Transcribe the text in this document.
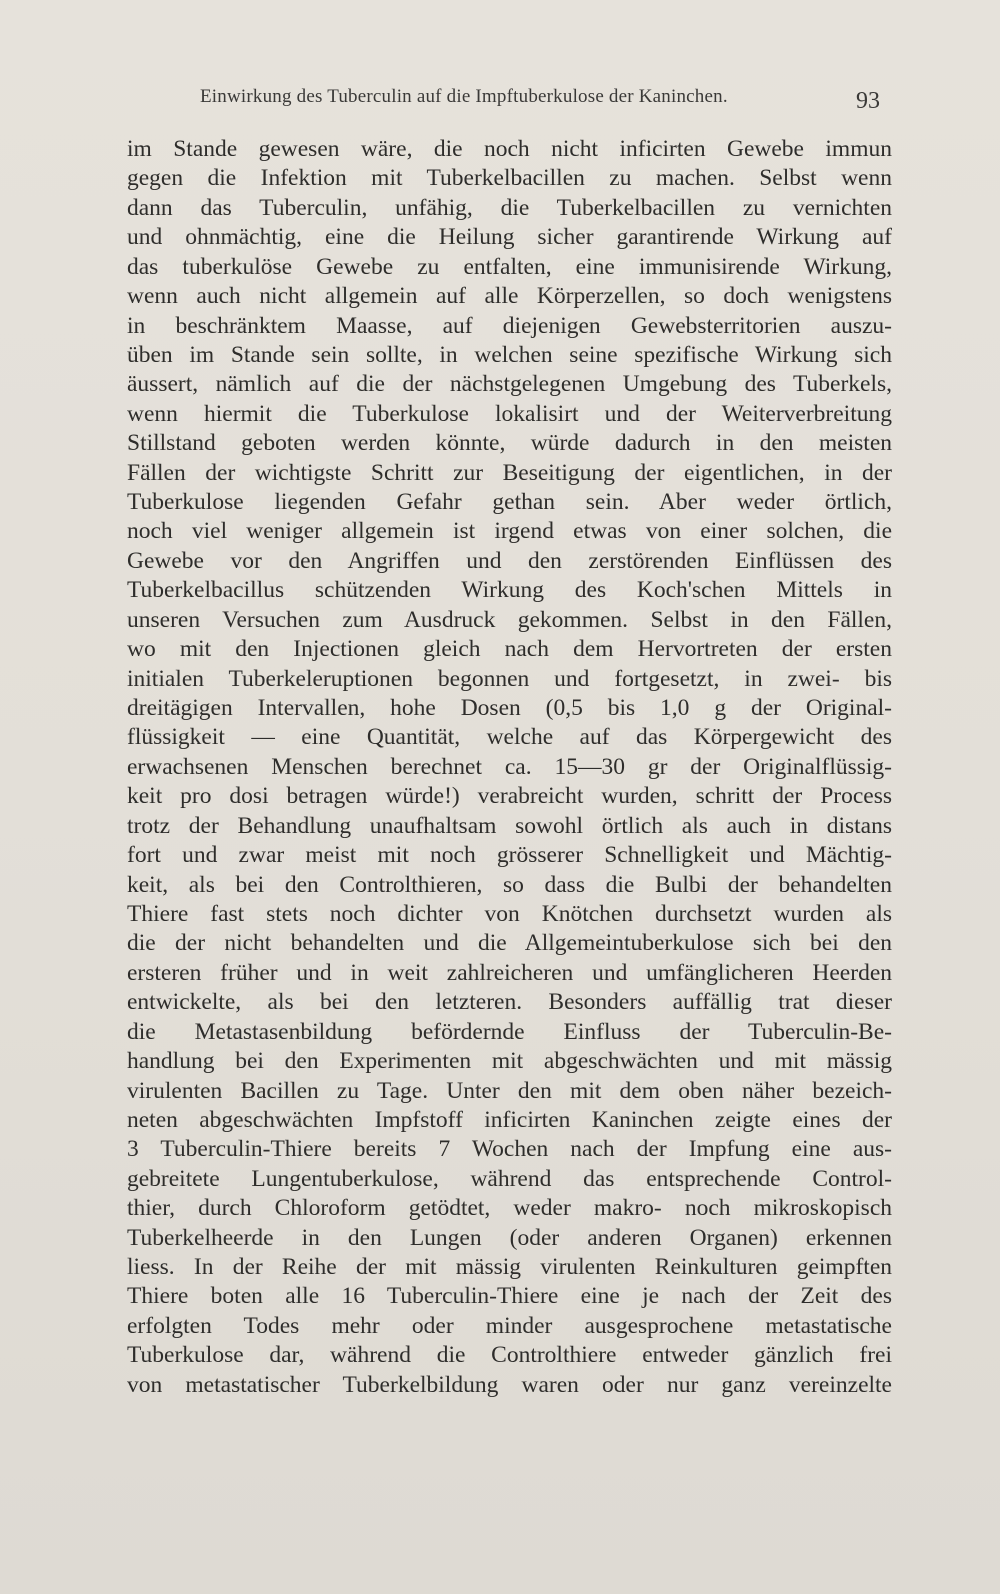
Einwirkung des Tuberculin auf die Impftuberkulose der Kaninchen.	93
im Stande gewesen wäre, die noch nicht inficirten Gewebe immun
gegen die Infektion mit Tuberkelbacillen zu machen. Selbst wenn
dann das Tuberculin, unfähig, die Tuberkelbacillen zu vernichten
und ohnmächtig, eine die Heilung sicher garantirende Wirkung auf
das tuberkulöse Gewebe zu entfalten, eine immunisirende Wirkung,
wenn auch nicht allgemein auf alle Körperzellen, so doch wenigstens
in beschränktem Maasse, auf diejenigen Gewebsterritorien auszu-
üben im Stande sein sollte, in welchen seine spezifische Wirkung sich
äussert, nämlich auf die der nächstgelegenen Umgebung des Tuberkels,
wenn hiermit die Tuberkulose lokalisirt und der Weiterverbreitung
Stillstand geboten werden könnte, würde dadurch in den meisten
Fällen der wichtigste Schritt zur Beseitigung der eigentlichen, in der
Tuberkulose liegenden Gefahr gethan sein. Aber weder örtlich,
noch viel weniger allgemein ist irgend etwas von einer solchen, die
Gewebe vor den Angriffen und den zerstörenden Einflüssen des
Tuberkelbacillus schützenden Wirkung des Koch'schen Mittels in
unseren Versuchen zum Ausdruck gekommen. Selbst in den Fällen,
wo mit den Injectionen gleich nach dem Hervortreten der ersten
initialen Tuberkeleruptionen begonnen und fortgesetzt, in zwei- bis
dreitägigen Intervallen, hohe Dosen (0,5 bis 1,0 g der Original-
flüssigkeit — eine Quantität, welche auf das Körpergewicht des
erwachsenen Menschen berechnet ca. 15—30 gr der Originalflüssig-
keit pro dosi betragen würde!) verabreicht wurden, schritt der Process
trotz der Behandlung unaufhaltsam sowohl örtlich als auch in distans
fort und zwar meist mit noch grösserer Schnelligkeit und Mächtig-
keit, als bei den Controlthieren, so dass die Bulbi der behandelten
Thiere fast stets noch dichter von Knötchen durchsetzt wurden als
die der nicht behandelten und die Allgemeintuberkulose sich bei den
ersteren früher und in weit zahlreicheren und umfänglicheren Heerden
entwickelte, als bei den letzteren. Besonders auffällig trat dieser
die Metastasenbildung befördernde Einfluss der Tuberculin-Be-
handlung bei den Experimenten mit abgeschwächten und mit mässig
virulenten Bacillen zu Tage. Unter den mit dem oben näher bezeich-
neten abgeschwächten Impfstoff inficirten Kaninchen zeigte eines der
3 Tuberculin-Thiere bereits 7 Wochen nach der Impfung eine aus-
gebreitete Lungentuberkulose, während das entsprechende Control-
thier, durch Chloroform getödtet, weder makro- noch mikroskopisch
Tuberkelheerde in den Lungen (oder anderen Organen) erkennen
liess. In der Reihe der mit mässig virulenten Reinkulturen geimpften
Thiere boten alle 16 Tuberculin-Thiere eine je nach der Zeit des
erfolgten Todes mehr oder minder ausgesprochene metastatische
Tuberkulose dar, während die Controlthiere entweder gänzlich frei
von metastatischer Tuberkelbildung waren oder nur ganz vereinzelte
